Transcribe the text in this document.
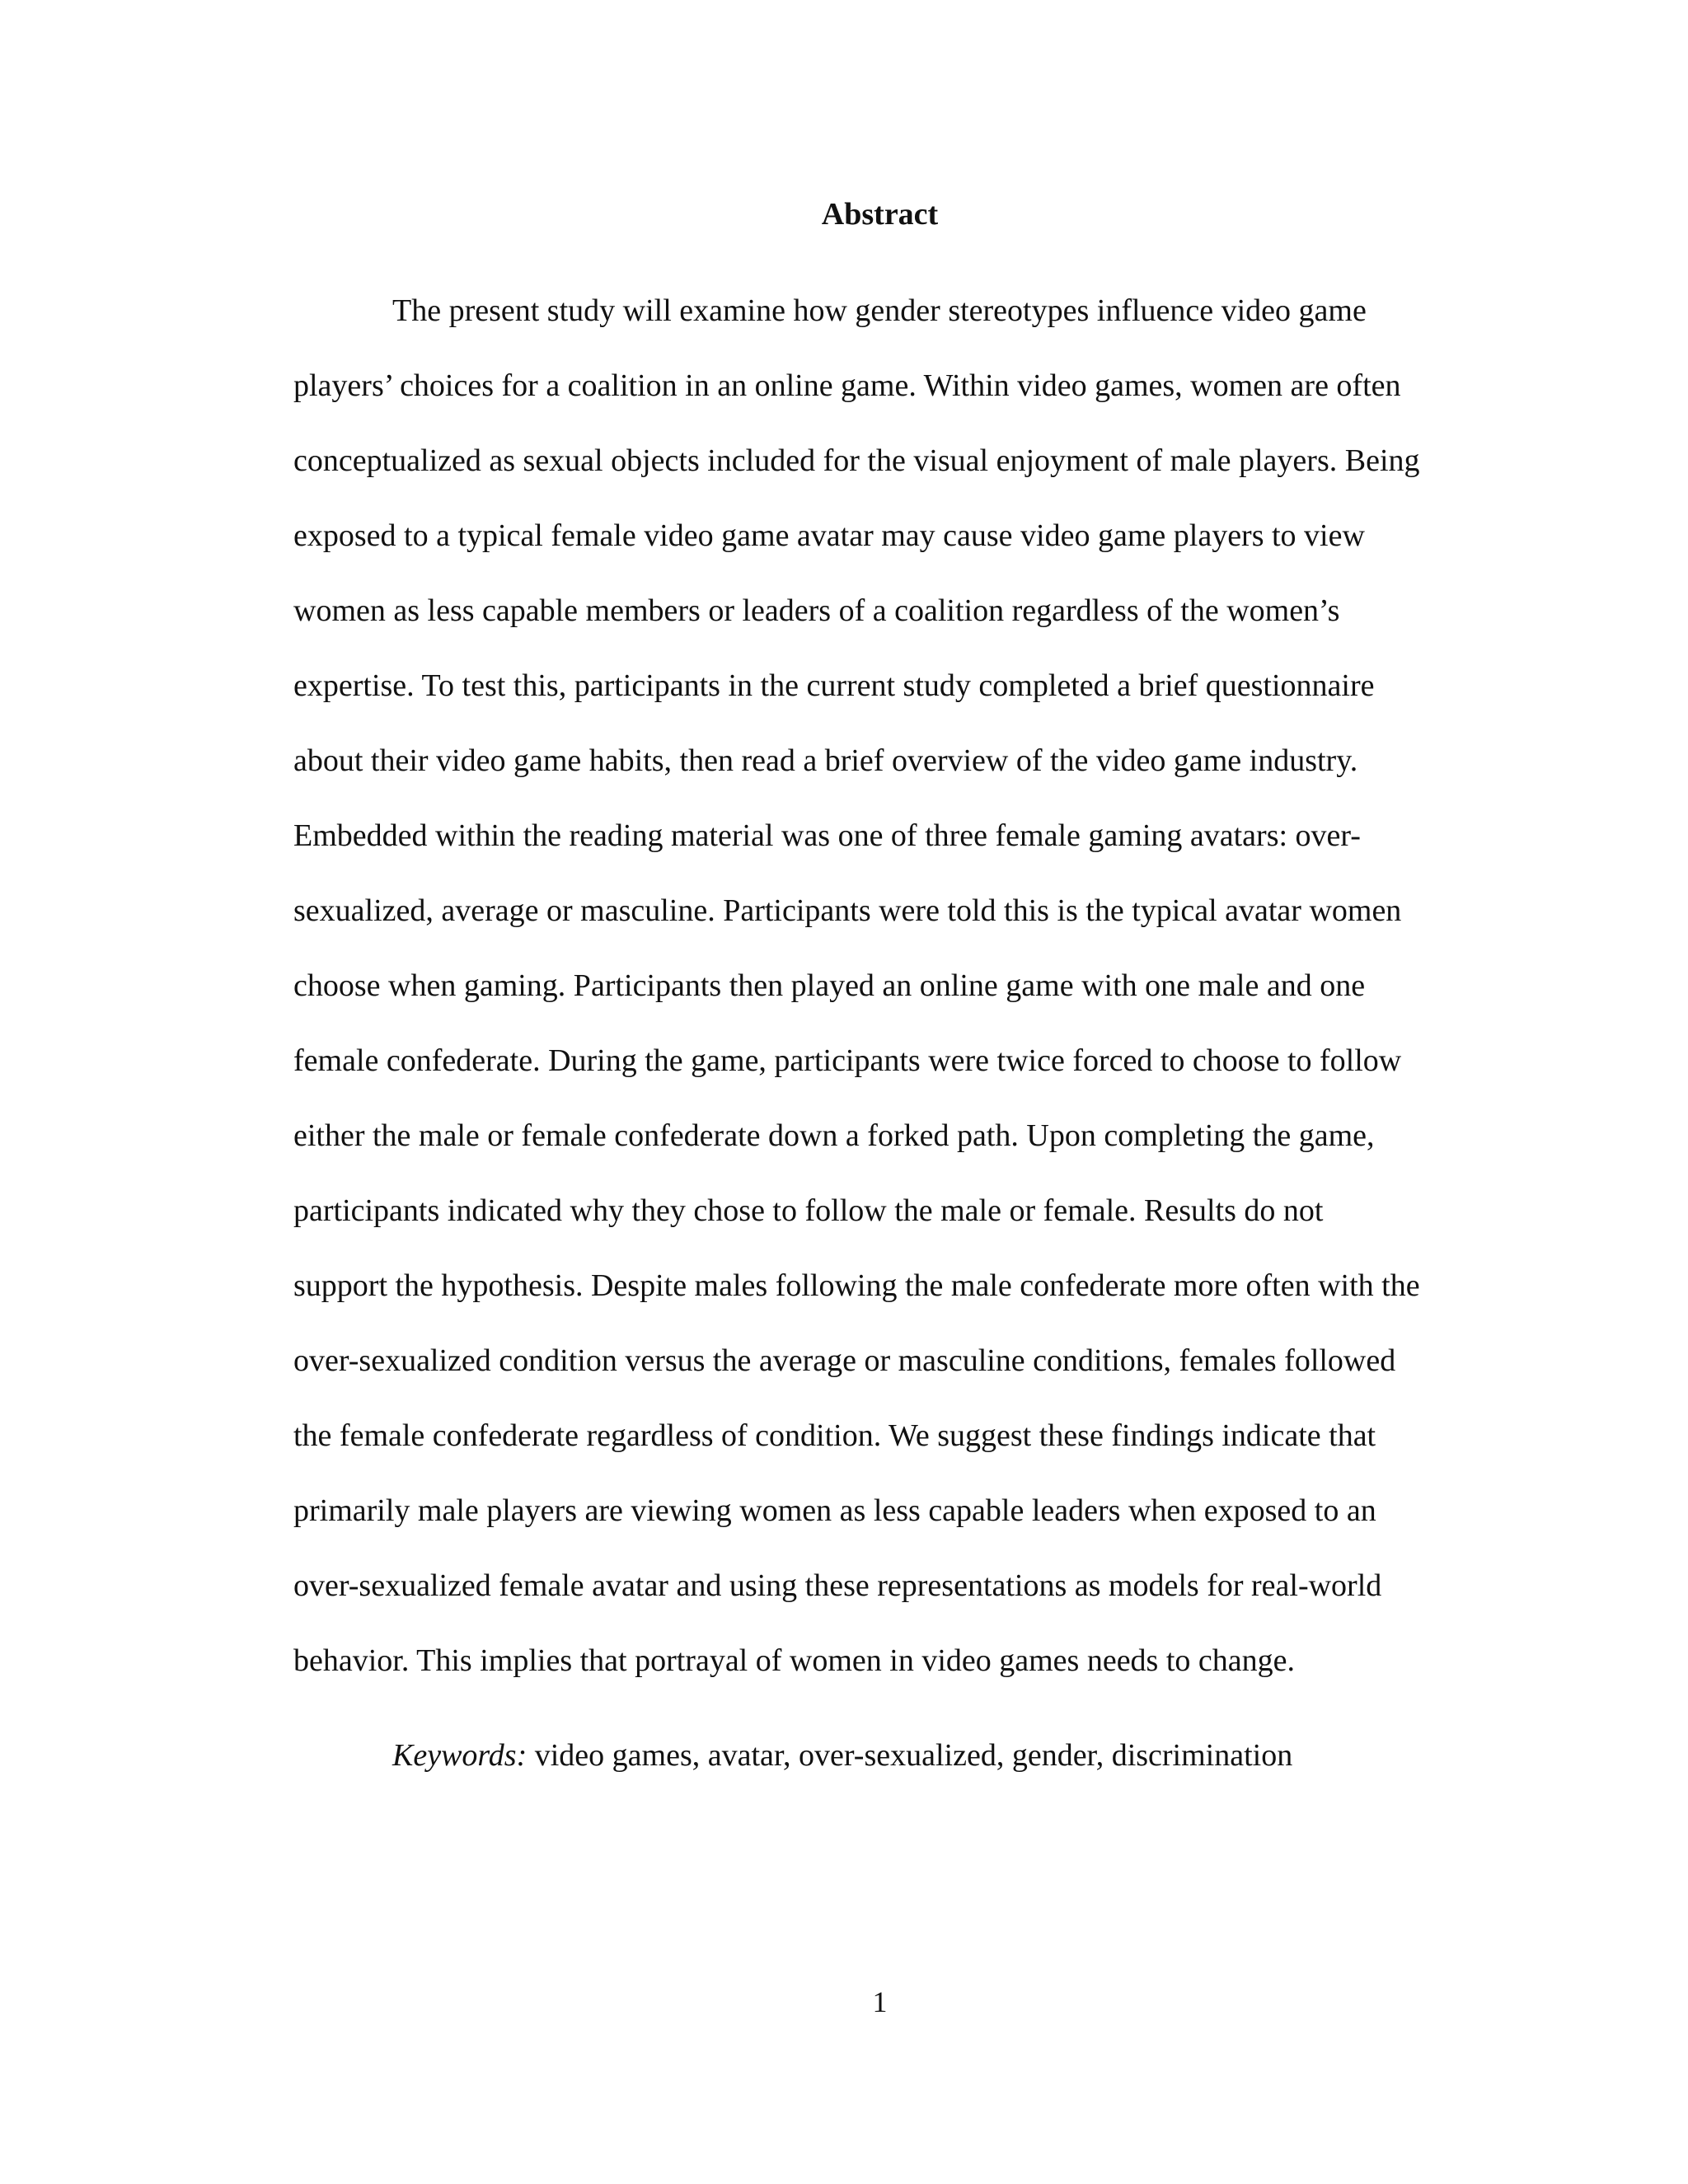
Abstract
The present study will examine how gender stereotypes influence video game
players’ choices for a coalition in an online game. Within video games, women are often
conceptualized as sexual objects included for the visual enjoyment of male players. Being
exposed to a typical female video game avatar may cause video game players to view
women as less capable members or leaders of a coalition regardless of the women’s
expertise. To test this, participants in the current study completed a brief questionnaire
about their video game habits, then read a brief overview of the video game industry.
Embedded within the reading material was one of three female gaming avatars: over-
sexualized, average or masculine. Participants were told this is the typical avatar women
choose when gaming. Participants then played an online game with one male and one
female confederate. During the game, participants were twice forced to choose to follow
either the male or female confederate down a forked path. Upon completing the game,
participants indicated why they chose to follow the male or female. Results do not
support the hypothesis. Despite males following the male confederate more often with the
over-sexualized condition versus the average or masculine conditions, females followed
the female confederate regardless of condition. We suggest these findings indicate that
primarily male players are viewing women as less capable leaders when exposed to an
over-sexualized female avatar and using these representations as models for real-world
behavior. This implies that portrayal of women in video games needs to change.
Keywords: video games, avatar, over-sexualized, gender, discrimination
1
